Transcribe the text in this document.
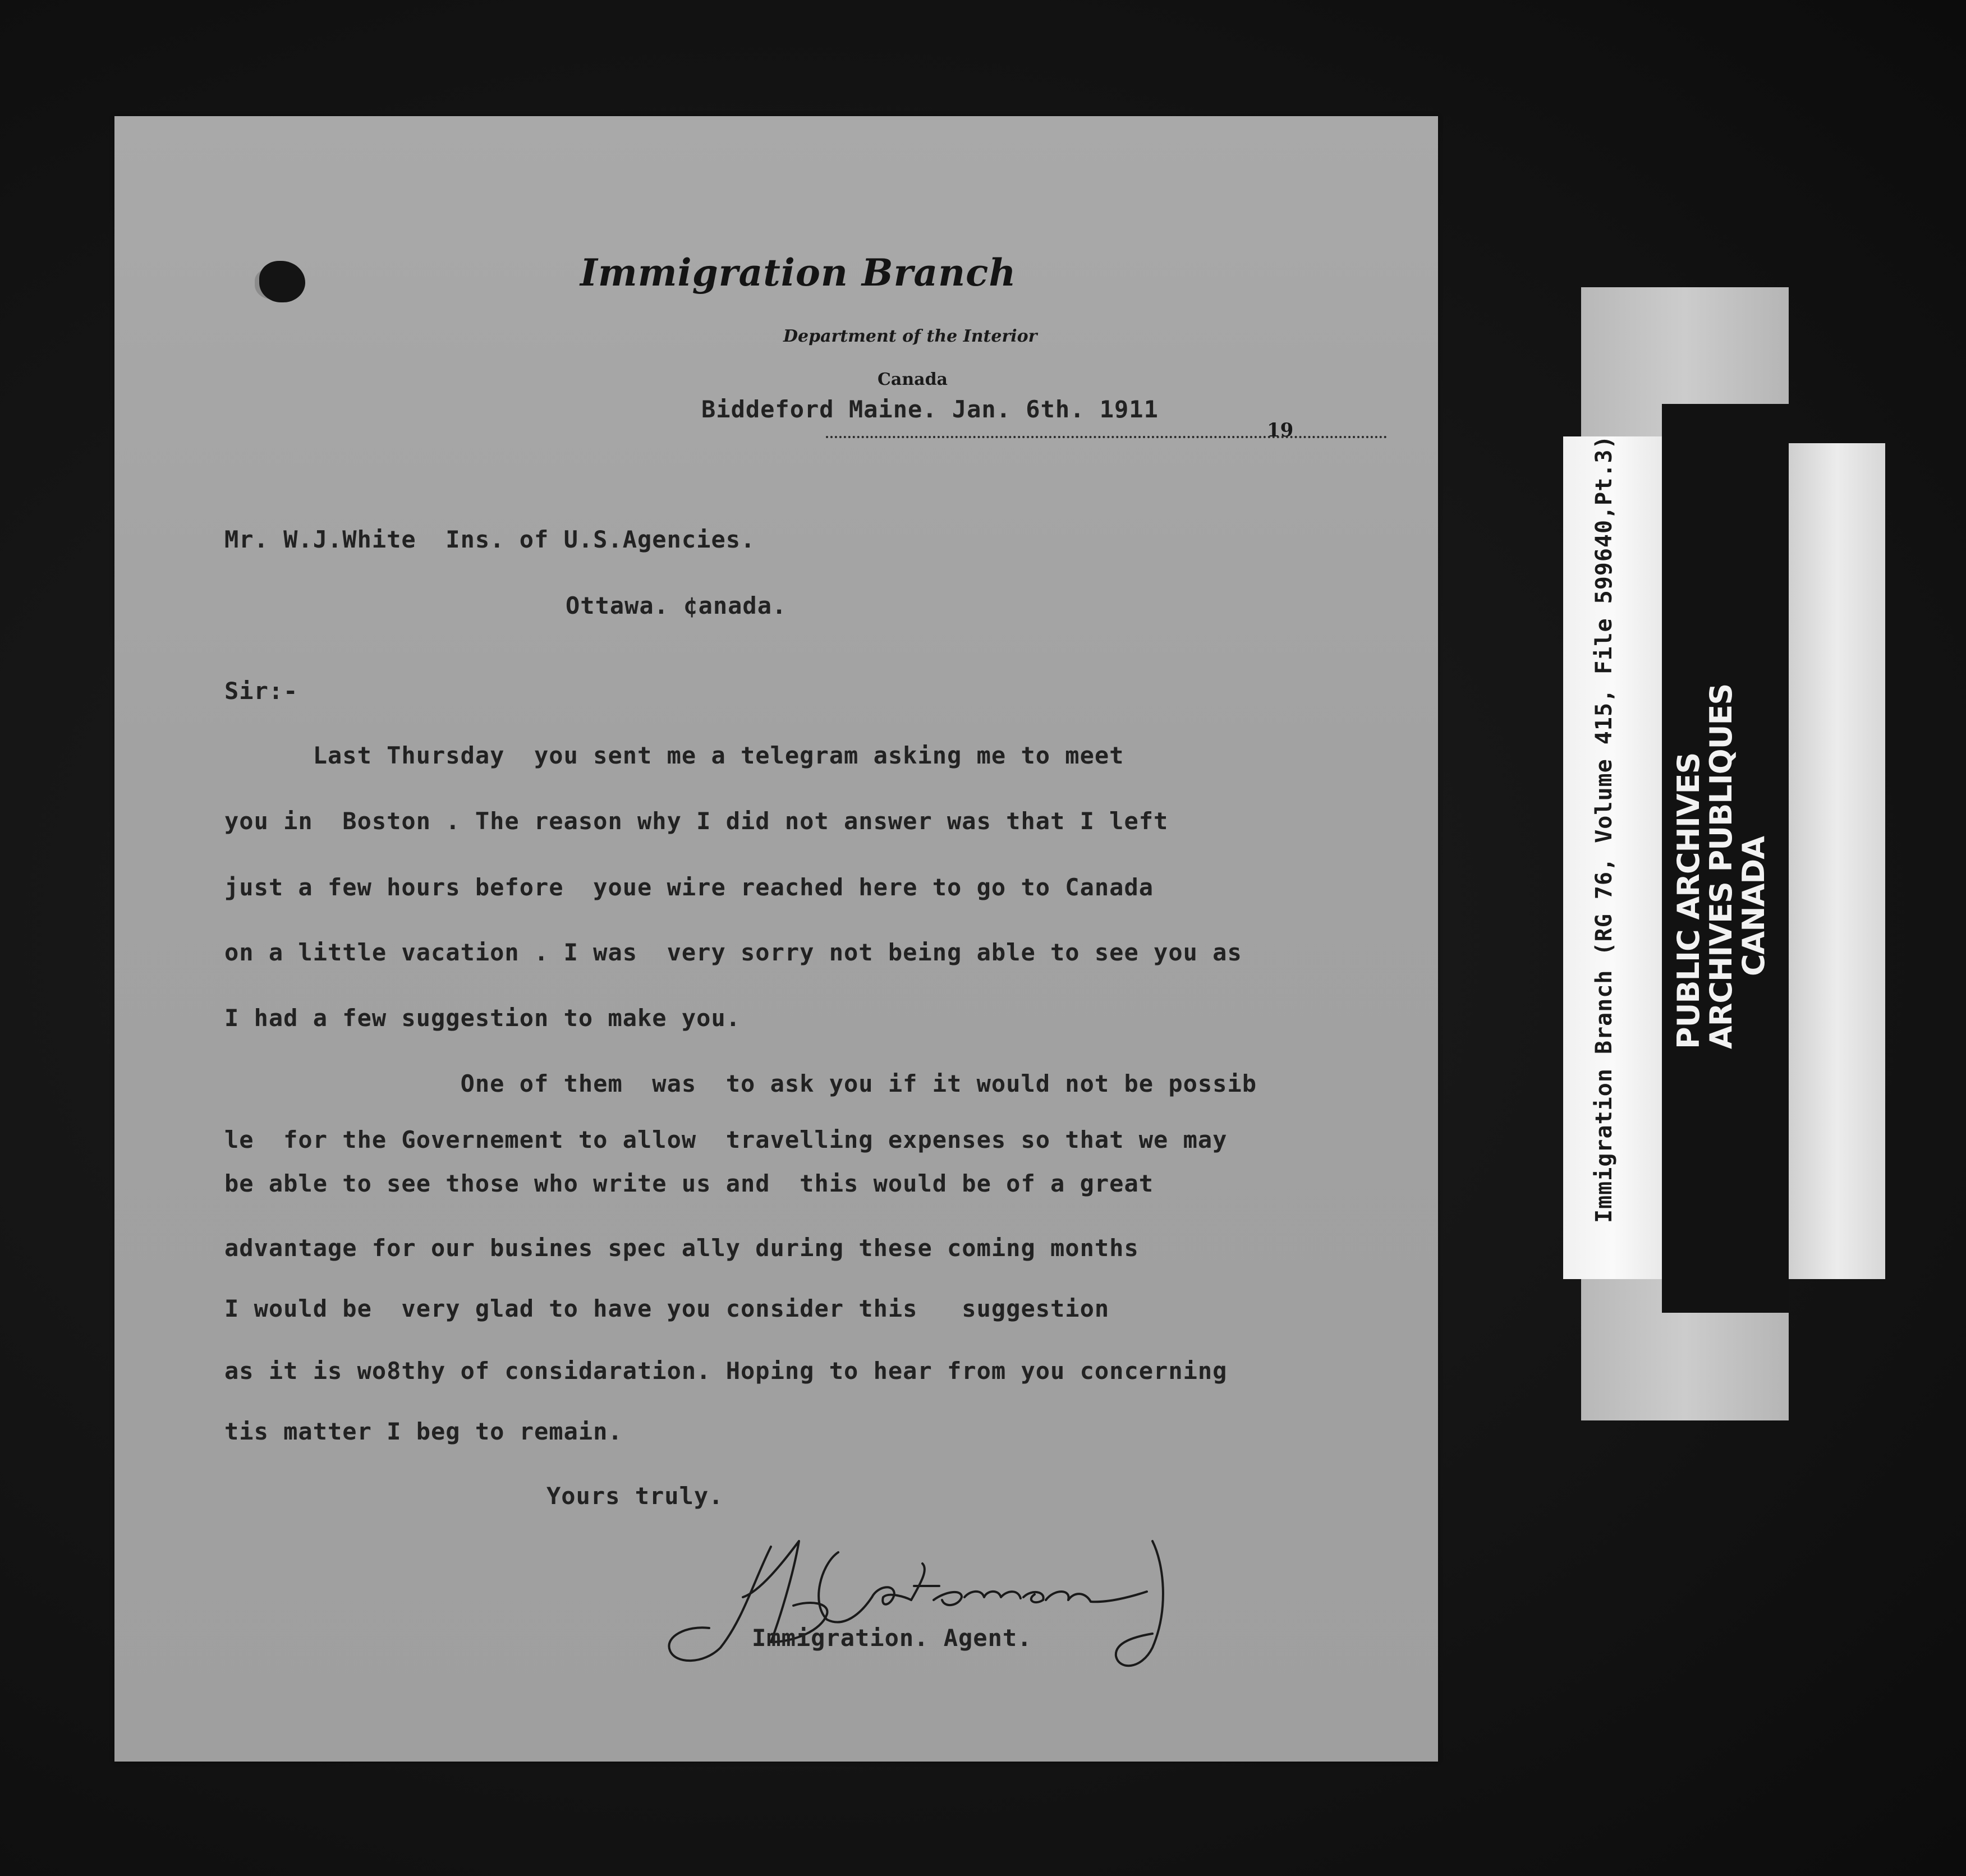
Immigration Branch
Department of the Interior
Canada
Biddeford Maine. Jan. 6th. 1911
19
Mr. W.J.White  Ins. of U.S.Agencies.
Ottawa. ¢anada.
Sir:-
Last Thursday  you sent me a telegram asking me to meet
you in  Boston . The reason why I did not answer was that I left
just a few hours before  youe wire reached here to go to Canada
on a little vacation . I was  very sorry not being able to see you as
I had a few suggestion to make you.
One of them  was  to ask you if it would not be possib
le  for the Governement to allow  travelling expenses so that we may
be able to see those who write us and  this would be of a great
advantage for our busines spec ally during these coming months
I would be  very glad to have you consider this   suggestion
as it is wo8thy of considaration. Hoping to hear from you concerning
tis matter I beg to remain.
Yours truly.
Immigration. Agent.
Immigration Branch (RG 76, Volume 415, File 599640,Pt.3) PUBLIC ARCHIVES
ARCHIVES PUBLIQUES
CANADA
